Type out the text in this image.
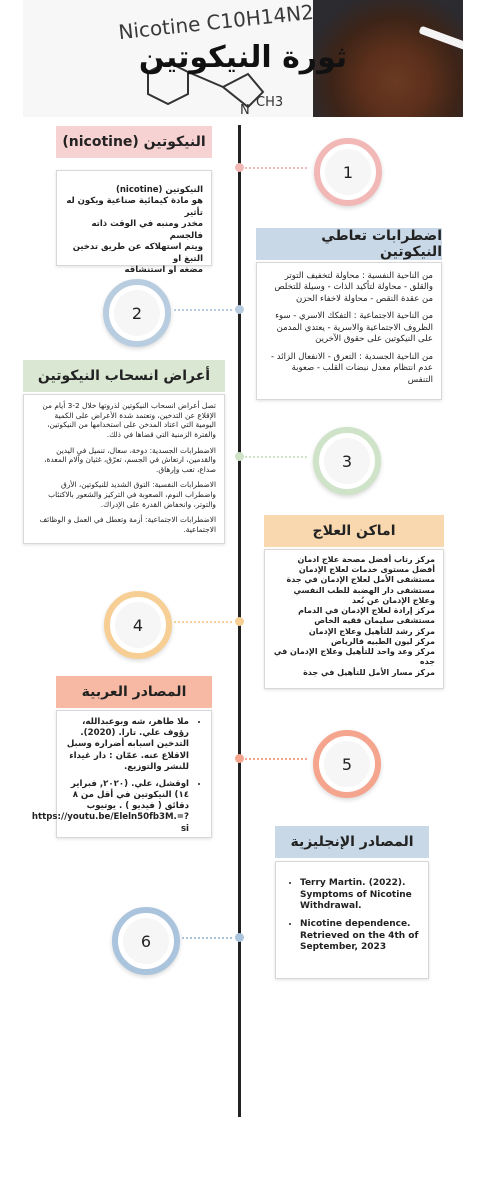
Nicotine C10H14N2
N
CH3
ثورة النيكوتين
1
النيكوتين (nicotine)
النيكوتين (nicotine)
هو مادة كيمائية صناعية ويكون له تأثير
مخدر ومنبه في الوقت ذاته فالجسم
ويتم استهلاكه عن طريق تدخين التبغ او
مضغه او استنشاقه
اضطرابات تعاطي النيكوتين

من الناحية النفسية : محاولة لتخفيف التوتر والقلق - محاولة لتأكيد الذات - وسيلة للتخلص من عقدة النقص - محاولة لاخفاء الحزن

من الناحية الاجتماعية : التفكك الاسري - سوء الظروف الاجتماعية والاسرية - يعتدي المدمن على النيكوتين على حقوق الآخرين

من الناحية الجسدية : التعرق - الانفعال الزائد - عدم انتظام معدل نبضات القلب - صعوبة التنفس

2
أعراض انسحاب النيكوتين

تصل أعراض انسحاب النيكوتين لذروتها خلال 2-3 أيام من الإقلاع عن التدخين، وتعتمد شدة الأعراض على الكمية اليومية التي اعتاد المدخن على استخدامها من النيكوتين، والفترة الزمنية التي قضاها في ذلك.

الاضطرابات الجسدية: دوخة، سعال، تنميل في اليدين والقدمين، ارتعاش في الجسم، تعرّق، غثيان وآلام المعدة، صداع، تعب وإرهاق.

الاضطرابات النفسية: التوق الشديد للنيكوتين، الأرق واضطراب النوم، الصعوبة في التركيز والشعور بالاكتئاب والتوتر، وانخفاض القدرة على الإدراك.

الاضطرابات الاجتماعية: أزمة وتعطل في العمل و الوظائف الاجتماعية.

3
اماكن العلاج
مركز رتاب أفضل مصحة علاج ادمان أفضل مستوى خدمات لعلاج الإدمان
مستشفى الأمل لعلاج الإدمان في جدة
مستشفى دار الهضبة للطب النفسي وعلاج الإدمان عن بُعد
مركز إرادة لعلاج الإدمان في الدمام
مستشفى سليمان فقيه الخاص
مركز رشد للتأهيل وعلاج الإدمان
مركز ليون الطبيه فالرياض
مركز وعد واحد للتأهيل وعلاج الإدمان في جده
مركز مسار الأمل للتأهيل في جدة
4
المصادر العربية
• ملا طاهر، شه وبوعبدالله، رؤوف علي. تارا. (2020). التدخين اسبابه أضراره وسبل الاقلاع عنه. عمّان : دار غيداء للنشر والتوزيع.
• اوقشل، علي. (٢٠٢٠, فبراير ١٤) النيكوتين في أقل من ٨ دقائق ( فيديو ) . يوتيوب https://youtu.be/Eleln50fb3M.=?si
5
المصادر الإنجليزية
• Terry Martin. (2022). Symptoms of Nicotine Withdrawal.
• Nicotine dependence. Retrieved on the 4th of September, 2023
6
